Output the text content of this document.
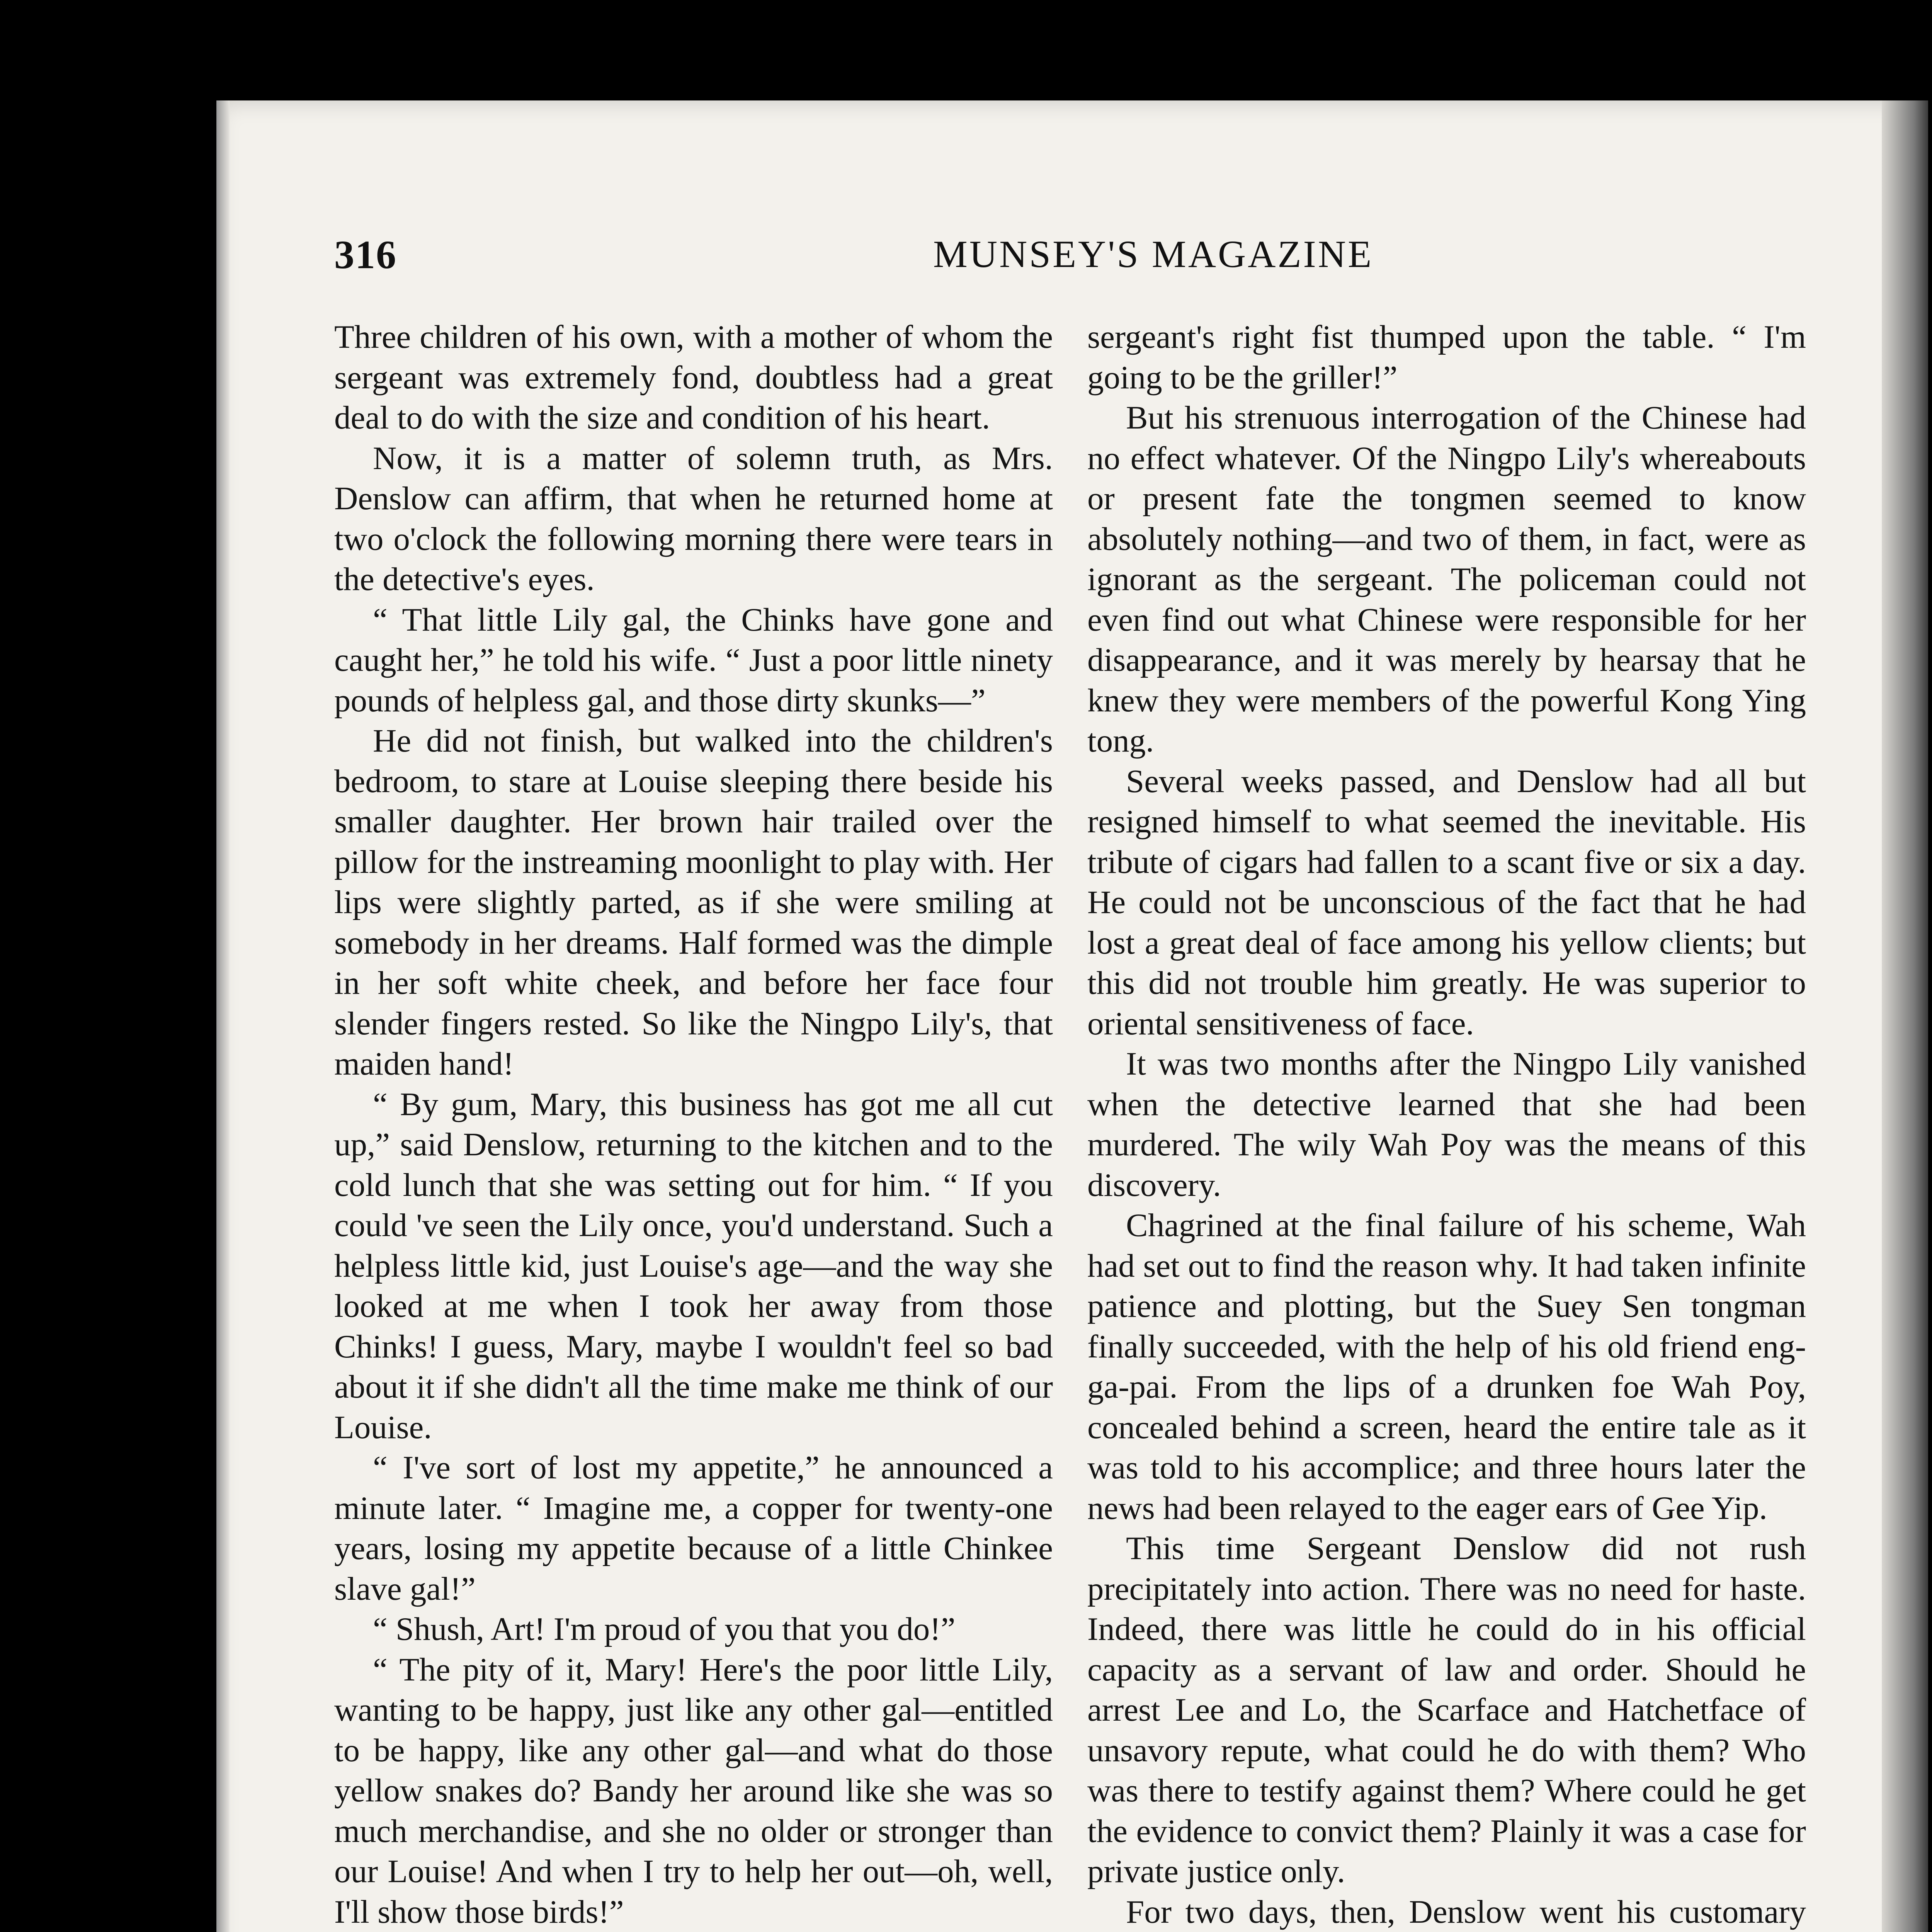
316	MUNSEY'S MAGAZINE

Three children of his own, with a mother of whom the sergeant was extremely fond, doubtless had a great deal to do with the size and condition of his heart.

Now, it is a matter of solemn truth, as Mrs. Denslow can affirm, that when he returned home at two o'clock the following morning there were tears in the detective's eyes.

“ That little Lily gal, the Chinks have gone and caught her,” he told his wife. “ Just a poor little ninety pounds of helpless gal, and those dirty skunks—”

He did not finish, but walked into the children's bedroom, to stare at Louise sleeping there beside his smaller daughter. Her brown hair trailed over the pillow for the instreaming moonlight to play with. Her lips were slightly parted, as if she were smiling at somebody in her dreams. Half formed was the dimple in her soft white cheek, and before her face four slender fingers rested. So like the Ningpo Lily's, that maiden hand!

“ By gum, Mary, this business has got me all cut up,” said Denslow, returning to the kitchen and to the cold lunch that she was setting out for him. “ If you could 've seen the Lily once, you'd understand. Such a helpless little kid, just Louise's age—and the way she looked at me when I took her away from those Chinks! I guess, Mary, maybe I wouldn't feel so bad about it if she didn't all the time make me think of our Louise.

“ I've sort of lost my appetite,” he announced a minute later. “ Imagine me, a copper for twenty-one years, losing my appetite because of a little Chinkee slave gal!”

“ Shush, Art! I'm proud of you that you do!”

“ The pity of it, Mary! Here's the poor little Lily, wanting to be happy, just like any other gal—entitled to be happy, like any other gal—and what do those yellow snakes do? Bandy her around like she was so much merchandise, and she no older or stronger than our Louise! And when I try to help her out—oh, well, I'll show those birds!”

sergeant's right fist thumped upon the table. “ I'm going to be the griller!”

But his strenuous interrogation of the Chinese had no effect whatever. Of the Ningpo Lily's whereabouts or present fate the tongmen seemed to know absolutely nothing—and two of them, in fact, were as ignorant as the sergeant. The policeman could not even find out what Chinese were responsible for her disappearance, and it was merely by hearsay that he knew they were members of the powerful Kong Ying tong.

Several weeks passed, and Denslow had all but resigned himself to what seemed the inevitable. His tribute of cigars had fallen to a scant five or six a day. He could not be unconscious of the fact that he had lost a great deal of face among his yellow clients; but this did not trouble him greatly. He was superior to oriental sensitiveness of face.

It was two months after the Ningpo Lily vanished when the detective learned that she had been murdered. The wily Wah Poy was the means of this discovery.

Chagrined at the final failure of his scheme, Wah had set out to find the reason why. It had taken infinite patience and plotting, but the Suey Sen tongman finally succeeded, with the help of his old friend eng-ga-pai. From the lips of a drunken foe Wah Poy, concealed behind a screen, heard the entire tale as it was told to his accomplice; and three hours later the news had been relayed to the eager ears of Gee Yip.

This time Sergeant Denslow did not rush precipitately into action. There was no need for haste. Indeed, there was little he could do in his official capacity as a servant of law and order. Should he arrest Lee and Lo, the Scarface and Hatchetface of unsavory repute, what could he do with them? Who was there to testify against them? Where could he get the evidence to convict them? Plainly it was a case for private justice only.

For two days, then, Denslow went his customary
